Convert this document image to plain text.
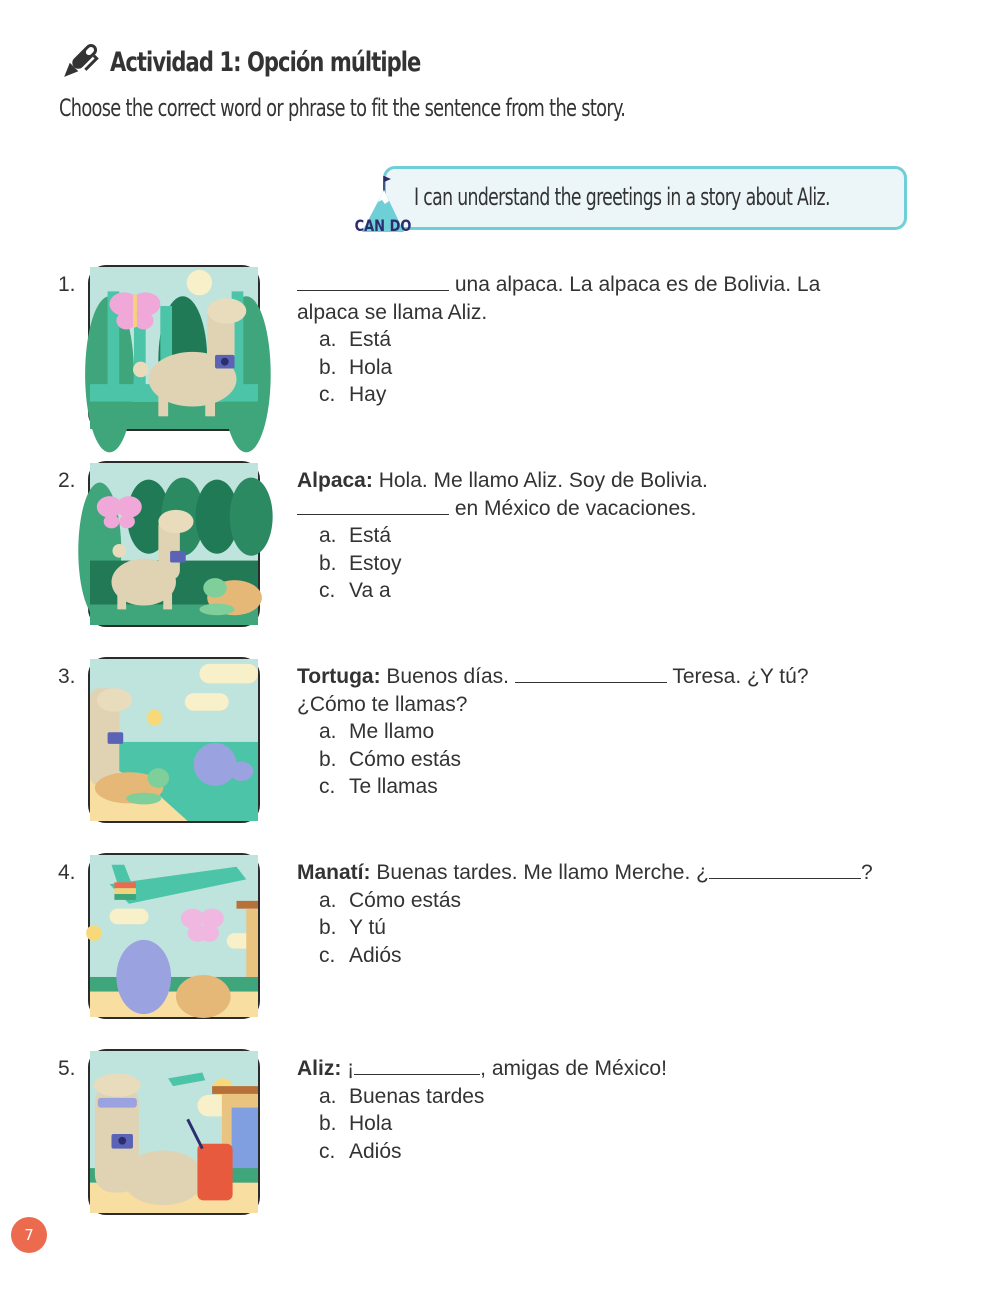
Actividad 1: Opción múltiple
Choose the correct word or phrase to fit the sentence from the story.
CAN DO
I can understand the greetings in a story about Aliz.
1.	una alpaca. La alpaca es de Bolivia. La alpaca se llama Aliz.
a. Está
b. Hola
c. Hay
2.	Alpaca: Hola. Me llamo Aliz. Soy de Bolivia.
en México de vacaciones.
a. Está
b. Estoy
c. Va a
3.	Tortuga: Buenos días.	Teresa. ¿Y tú? ¿Cómo te llamas?
a. Me llamo
b. Cómo estás
c. Te llamas
4.	Manatí: Buenas tardes. Me llamo Merche. ¿	?
a. Cómo estás
b. Y tú
c. Adiós
5.	Aliz: ¡	, amigas de México!
a. Buenas tardes
b. Hola
c. Adiós
7
